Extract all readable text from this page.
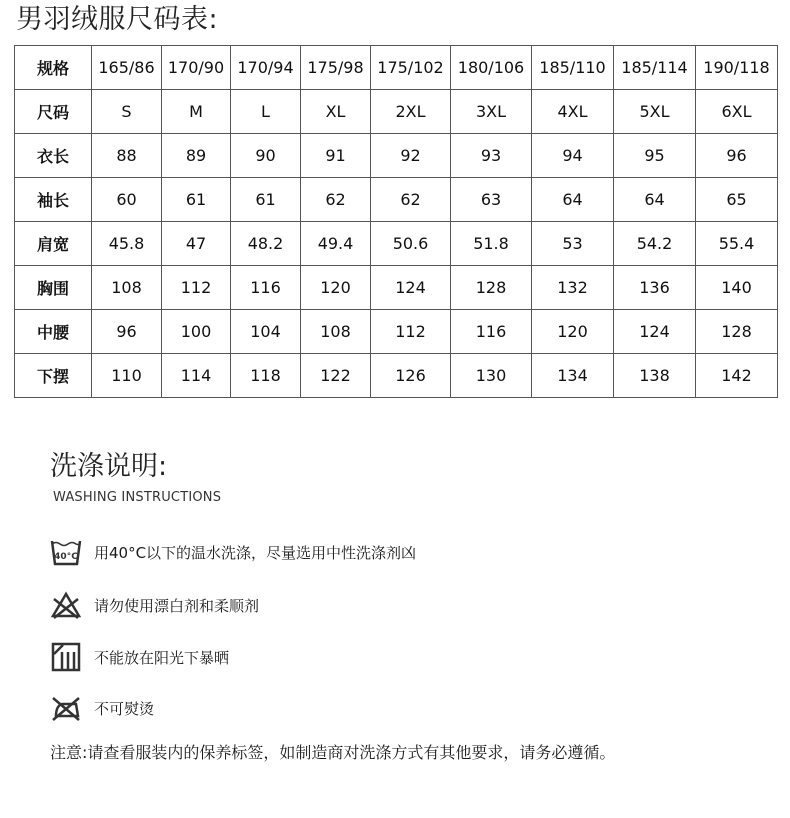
男羽绒服尺码表:
规格	165/86	170/90	170/94	175/98	175/102	180/106	185/110	185/114	190/118
尺码	S	M	L	XL	2XL	3XL	4XL	5XL	6XL
衣长	88	89	90	91	92	93	94	95	96
袖长	60	61	61	62	62	63	64	64	65
肩宽	45.8	47	48.2	49.4	50.6	51.8	53	54.2	55.4
胸围	108	112	116	120	124	128	132	136	140
中腰	96	100	104	108	112	116	120	124	128
下摆	110	114	118	122	126	130	134	138	142
洗涤说明:
WASHING INSTRUCTIONS
40°C 用40°C以下的温水洗涤，尽量选用中性洗涤剂凶
请勿使用漂白剂和柔顺剂
不能放在阳光下暴晒
不可熨烫
注意:请查看服装内的保养标签，如制造商对洗涤方式有其他要求，请务必遵循。
